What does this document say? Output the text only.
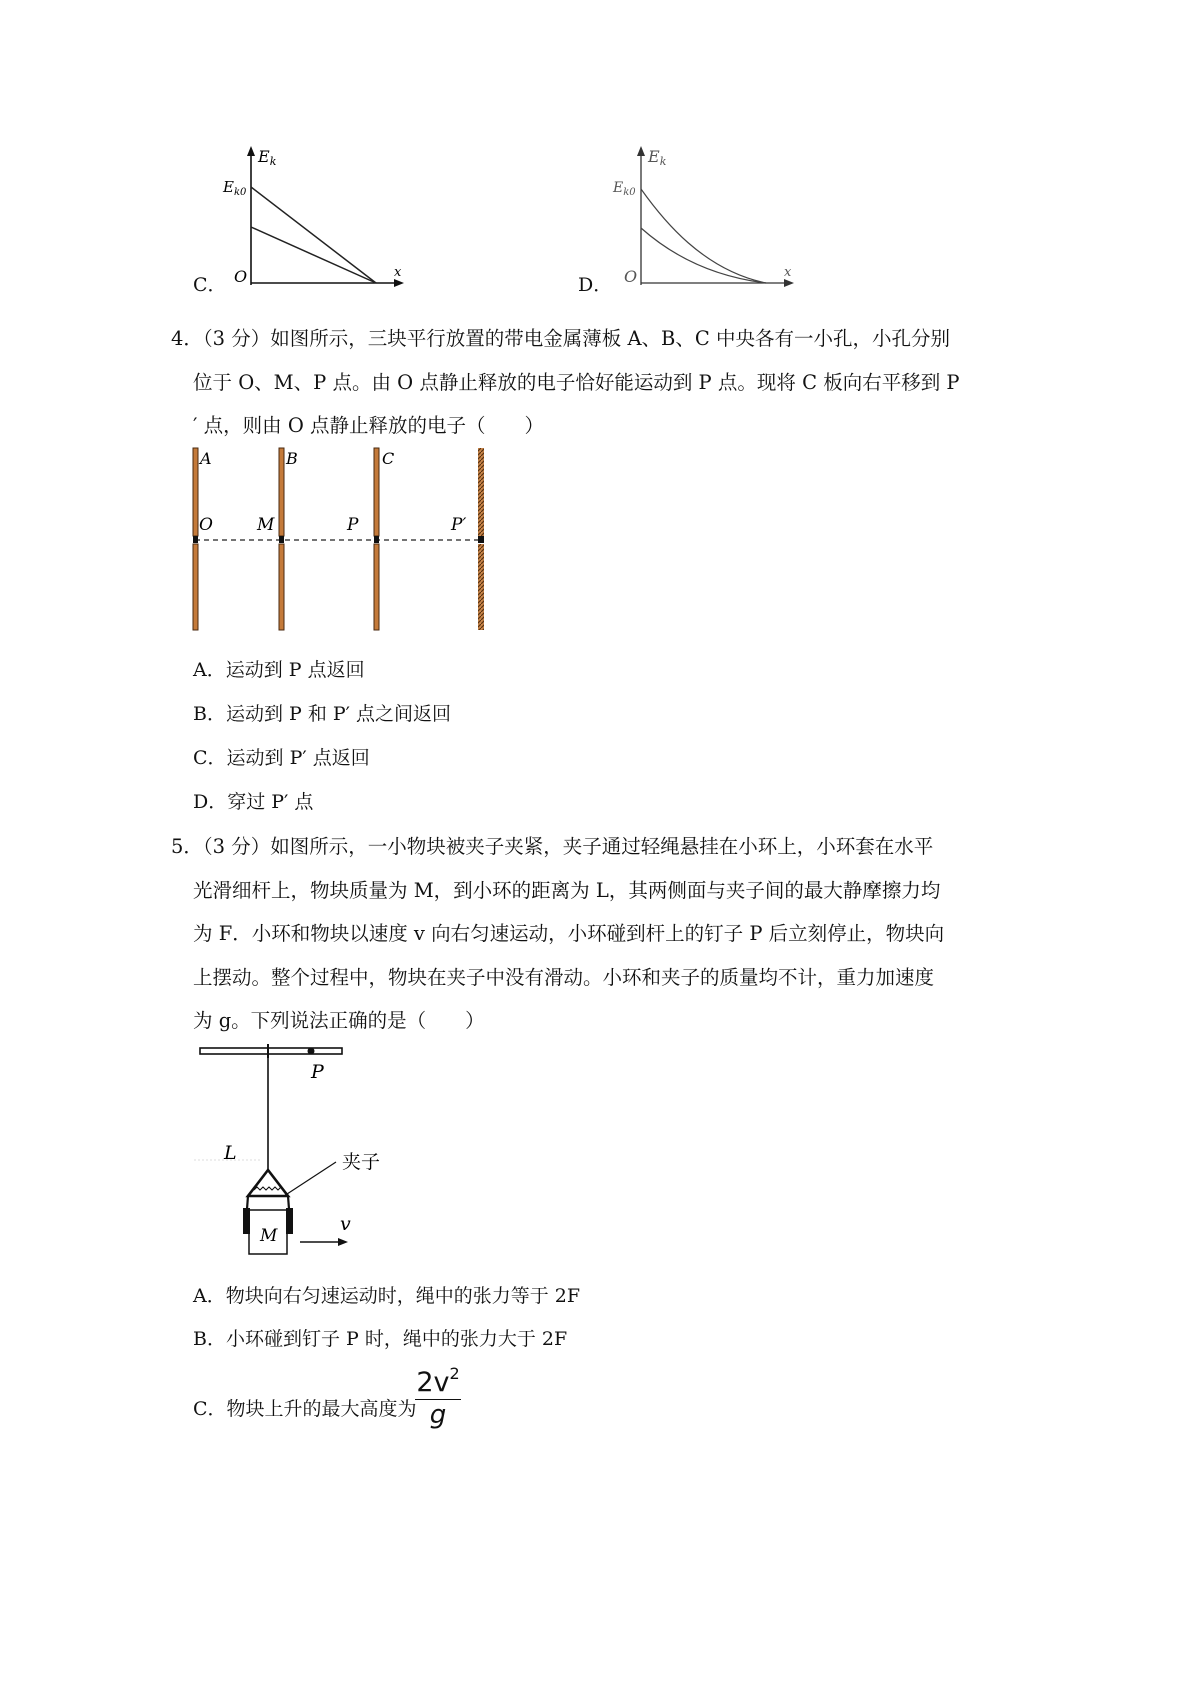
C．
Ek
$E_{k0}$
O	x
D．
Ek
$E_{k0}$
O	x
4．（3 分）如图所示，三块平行放置的带电金属薄板 A、B、C 中央各有一小孔，小孔分别
位于 O、M、P 点。由 O 点静止释放的电子恰好能运动到 P 点。现将 C 板向右平移到 P
′ 点，则由 O 点静止释放的电子（　　）
A	B	C
O	M	P	P′
A．运动到 P 点返回
B．运动到 P 和 P′ 点之间返回
C．运动到 P′ 点返回
D．穿过 P′ 点
5．（3 分）如图所示，一小物块被夹子夹紧，夹子通过轻绳悬挂在小环上，小环套在水平
光滑细杆上，物块质量为 M，到小环的距离为 L，其两侧面与夹子间的最大静摩擦力均
为 F．小环和物块以速度 v 向右匀速运动，小环碰到杆上的钉子 P 后立刻停止，物块向
上摆动。整个过程中，物块在夹子中没有滑动。小环和夹子的质量均不计，重力加速度
为 g。下列说法正确的是（　　）
P
L	夹子
M
v
A．物块向右匀速运动时，绳中的张力等于 2F
B．小环碰到钉子 P 时，绳中的张力大于 2F
C．物块上升的最大高度为
$2v^2$
g
